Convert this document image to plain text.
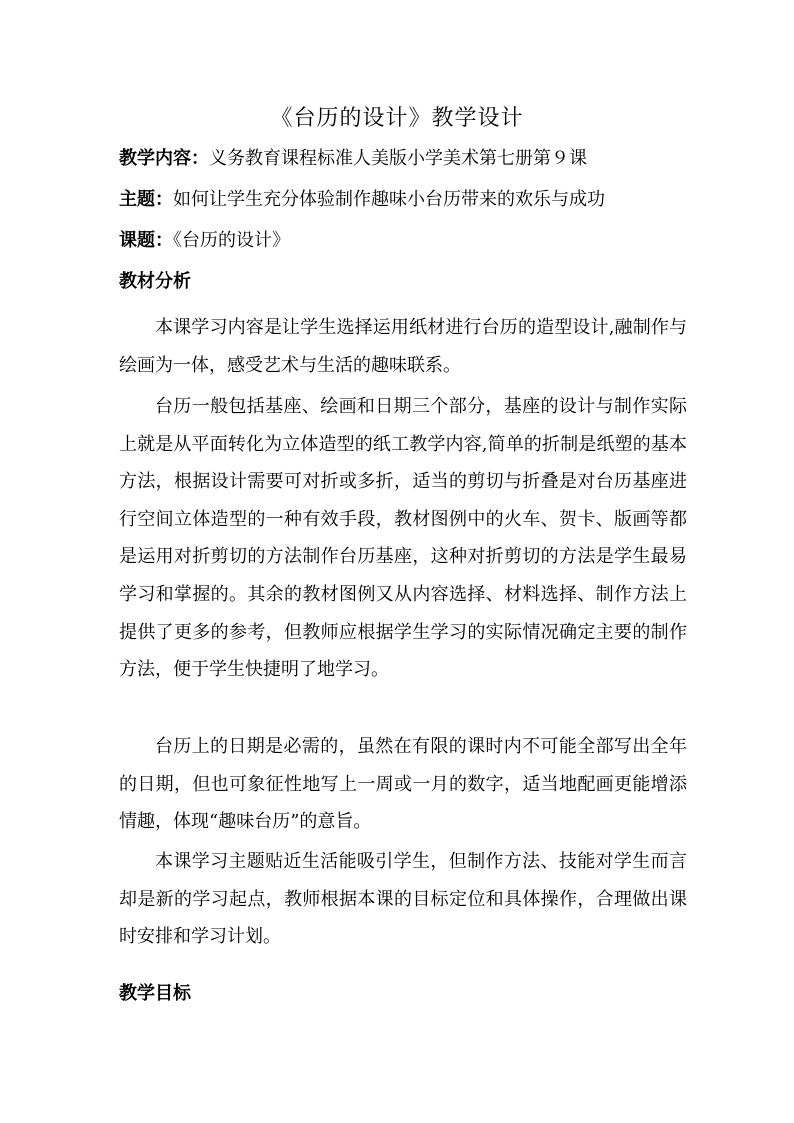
《台历的设计》教学设计
教学内容：义务教育课程标准人美版小学美术第七册第９课
主题：如何让学生充分体验制作趣味小台历带来的欢乐与成功
课题：《台历的设计》
教材分析

本课学习内容是让学生选择运用纸材进行台历的造型设计,融制作与绘画为一体，感受艺术与生活的趣味联系。

台历一般包括基座、绘画和日期三个部分，基座的设计与制作实际上就是从平面转化为立体造型的纸工教学内容,简单的折制是纸塑的基本方法，根据设计需要可对折或多折，适当的剪切与折叠是对台历基座进行空间立体造型的一种有效手段，教材图例中的火车、贺卡、版画等都是运用对折剪切的方法制作台历基座，这种对折剪切的方法是学生最易学习和掌握的。其余的教材图例又从内容选择、材料选择、制作方法上提供了更多的参考，但教师应根据学生学习的实际情况确定主要的制作方法，便于学生快捷明了地学习。

台历上的日期是必需的，虽然在有限的课时内不可能全部写出全年的日期，但也可象征性地写上一周或一月的数字，适当地配画更能增添情趣，体现“趣味台历”的意旨。

本课学习主题贴近生活能吸引学生，但制作方法、技能对学生而言却是新的学习起点，教师根据本课的目标定位和具体操作，合理做出课时安排和学习计划。

教学目标
